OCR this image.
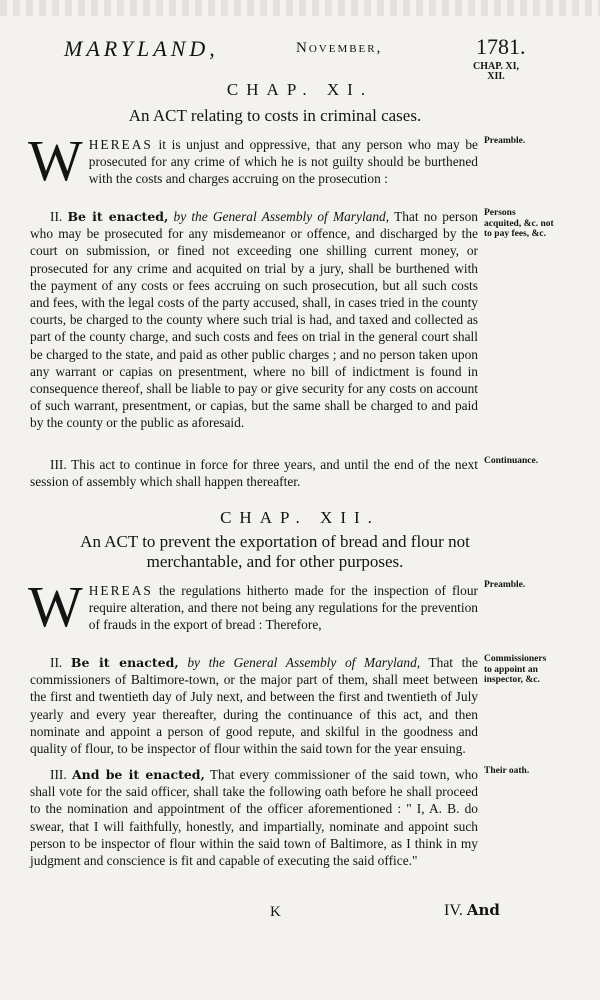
MARYLAND,	November,	1781.
CHAP. XI, XII.
CHAP. XI.
An ACT relating to costs in criminal cases.
WHEREAS it is unjust and oppressive, that any person who may be prosecuted for any crime of which he is not guilty should be burthened with the costs and charges accruing on the prosecution :
Preamble.
II. Be it enacted, by the General Assembly of Maryland, That no person who may be prosecuted for any misdemeanor or offence, and discharged by the court on submission, or fined not exceeding one shilling current money, or prosecuted for any crime and acquited on trial by a jury, shall be burthened with the payment of any costs or fees accruing on such prosecution, but all such costs and fees, with the legal costs of the party accused, shall, in cases tried in the county courts, be charged to the county where such trial is had, and taxed and collected as part of the county charge, and such costs and fees on trial in the general court shall be charged to the state, and paid as other public charges ; and no person taken upon any warrant or capias on presentment, where no bill of indictment is found in consequence thereof, shall be liable to pay or give security for any costs on account of such warrant, presentment, or capias, but the same shall be charged to and paid by the county or the public as aforesaid.
Persons acquited, &c. not to pay fees, &c.
III. This act to continue in force for three years, and until the end of the next session of assembly which shall happen thereafter.
Continuance.
CHAP. XII.
An ACT to prevent the exportation of bread and flour not merchantable, and for other purposes.
WHEREAS the regulations hitherto made for the inspection of flour require alteration, and there not being any regulations for the prevention of frauds in the export of bread : Therefore,
Preamble.
II. Be it enacted, by the General Assembly of Maryland, That the commissioners of Baltimore-town, or the major part of them, shall meet between the first and twentieth day of July next, and between the first and twentieth of July yearly and every year thereafter, during the continuance of this act, and then nominate and appoint a person of good repute, and skilful in the goodness and quality of flour, to be inspector of flour within the said town for the year ensuing.
Commissioners to appoint an inspector, &c.
III. And be it enacted, That every commissioner of the said town, who shall vote for the said officer, shall take the following oath before he shall proceed to the nomination and appointment of the officer aforementioned : " I, A. B. do swear, that I will faithfully, honestly, and impartially, nominate and appoint such person to be inspector of flour within the said town of Baltimore, as I think in my judgment and conscience is fit and capable of executing the said office."
Their oath.
K	IV. And
